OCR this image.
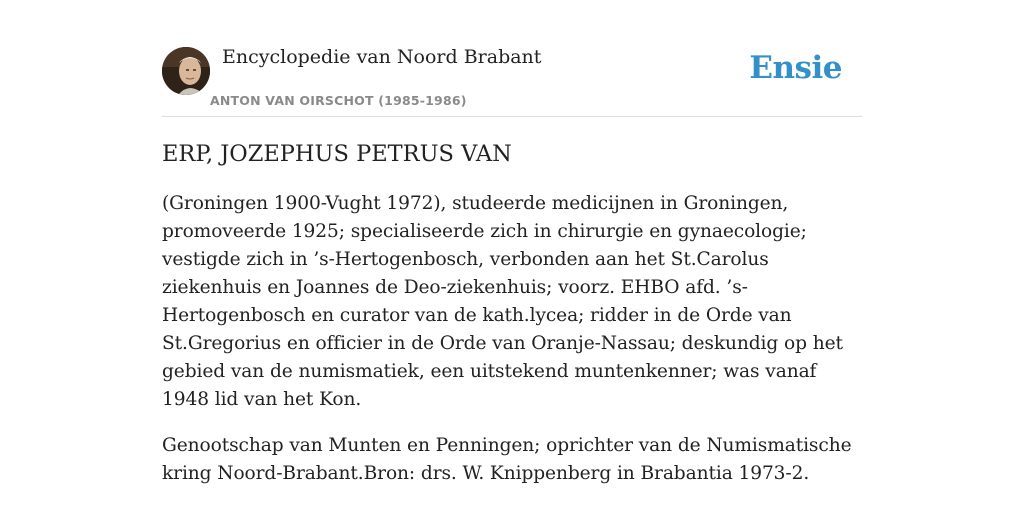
Encyclopedie van Noord Brabant
ANTON VAN OIRSCHOT (1985-1986)
Ensie
ERP, JOZEPHUS PETRUS VAN

(Groningen 1900-Vught 1972), studeerde medicijnen in Groningen, promoveerde 1925; specialiseerde zich in chirurgie en gynaecologie; vestigde zich in ’s-Hertogenbosch, verbonden aan het St.Carolus ziekenhuis en Joannes de Deo-ziekenhuis; voorz. EHBO afd. ’s-Hertogenbosch en curator van de kath.lycea; ridder in de Orde van St.Gregorius en officier in de Orde van Oranje-Nassau; deskundig op het gebied van de numismatiek, een uitstekend muntenkenner; was vanaf 1948 lid van het Kon.

Genootschap van Munten en Penningen; oprichter van de Numismatische kring Noord-Brabant.Bron: drs. W. Knippenberg in Brabantia 1973-2.
